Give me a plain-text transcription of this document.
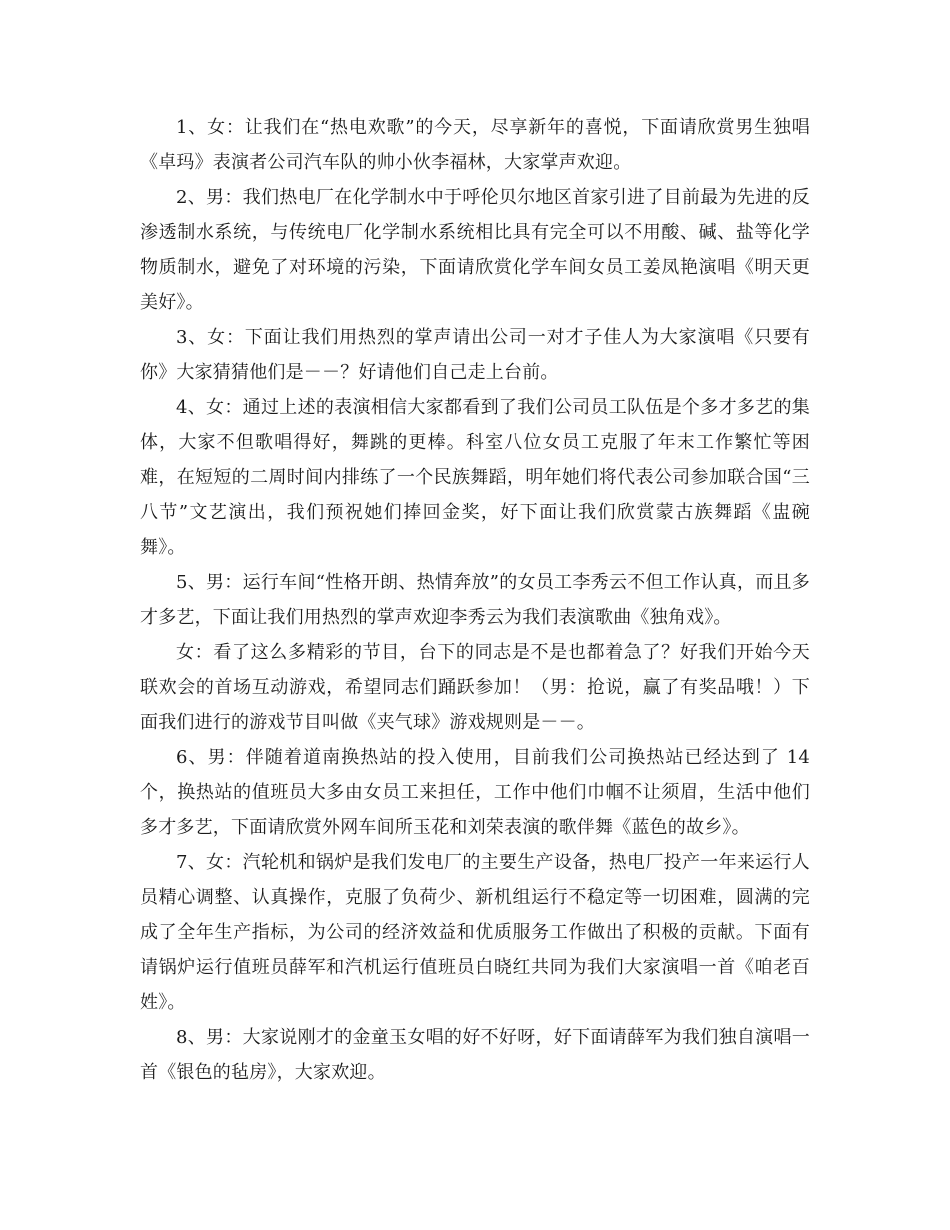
1、女：让我们在“热电欢歌”的今天，尽享新年的喜悦，下面请欣赏男生独唱《卓玛》表演者公司汽车队的帅小伙李福林，大家掌声欢迎。

2、男：我们热电厂在化学制水中于呼伦贝尔地区首家引进了目前最为先进的反渗透制水系统，与传统电厂化学制水系统相比具有完全可以不用酸、碱、盐等化学物质制水，避免了对环境的污染，下面请欣赏化学车间女员工姜凤艳演唱《明天更美好》。

3、女：下面让我们用热烈的掌声请出公司一对才子佳人为大家演唱《只要有你》大家猜猜他们是－－？好请他们自己走上台前。

4、女：通过上述的表演相信大家都看到了我们公司员工队伍是个多才多艺的集体，大家不但歌唱得好，舞跳的更棒。科室八位女员工克服了年末工作繁忙等困难，在短短的二周时间内排练了一个民族舞蹈，明年她们将代表公司参加联合国“三八节”文艺演出，我们预祝她们捧回金奖，好下面让我们欣赏蒙古族舞蹈《盅碗舞》。

5、男：运行车间“性格开朗、热情奔放”的女员工李秀云不但工作认真，而且多才多艺，下面让我们用热烈的掌声欢迎李秀云为我们表演歌曲《独角戏》。

女：看了这么多精彩的节目，台下的同志是不是也都着急了？好我们开始今天联欢会的首场互动游戏，希望同志们踊跃参加！（男：抢说，赢了有奖品哦！）下面我们进行的游戏节目叫做《夹气球》游戏规则是－－。

6、男：伴随着道南换热站的投入使用，目前我们公司换热站已经达到了 14 个，换热站的值班员大多由女员工来担任，工作中他们巾帼不让须眉，生活中他们多才多艺，下面请欣赏外网车间所玉花和刘荣表演的歌伴舞《蓝色的故乡》。

7、女：汽轮机和锅炉是我们发电厂的主要生产设备，热电厂投产一年来运行人员精心调整、认真操作，克服了负荷少、新机组运行不稳定等一切困难，圆满的完成了全年生产指标，为公司的经济效益和优质服务工作做出了积极的贡献。下面有请锅炉运行值班员薛军和汽机运行值班员白晓红共同为我们大家演唱一首《咱老百姓》。

8、男：大家说刚才的金童玉女唱的好不好呀，好下面请薛军为我们独自演唱一首《银色的毡房》，大家欢迎。
